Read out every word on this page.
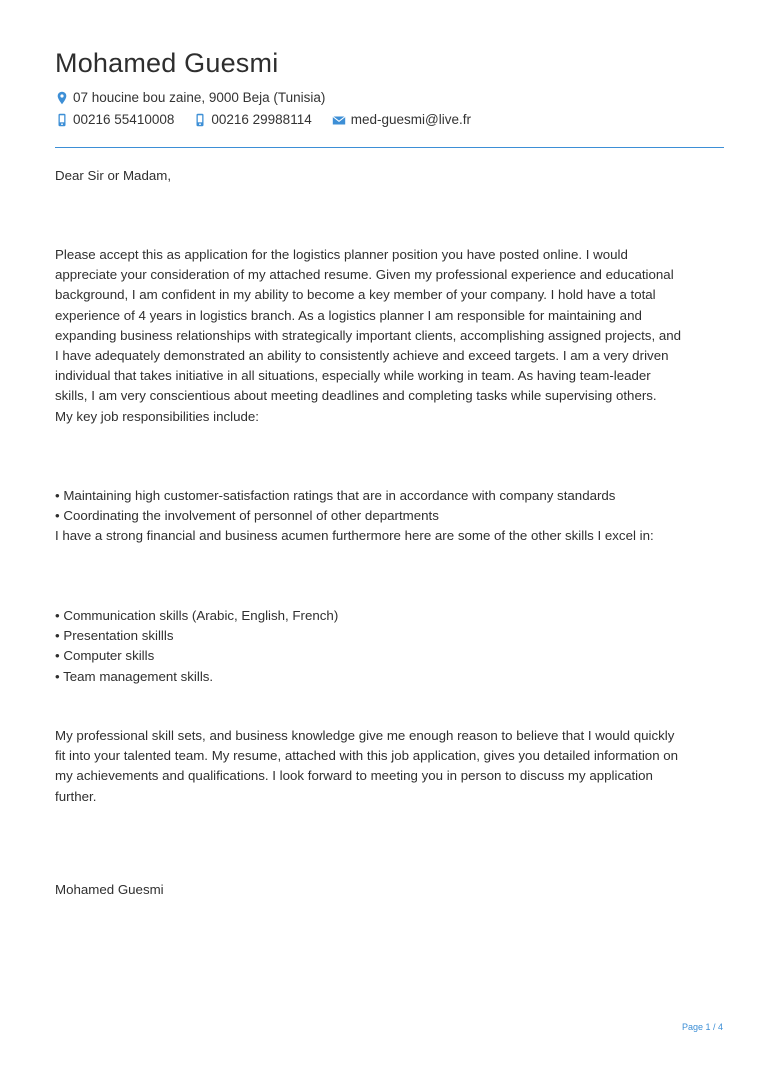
Mohamed Guesmi
07 houcine bou zaine, 9000 Beja (Tunisia)
00216 55410008	00216 29988114	med-guesmi@live.fr
Dear Sir or Madam,

Please accept this as application for the logistics planner position you have posted online. I would

appreciate your consideration of my attached resume. Given my professional experience and educational

background, I am confident in my ability to become a key member of your company. I hold have a total

experience of 4 years in logistics branch. As a logistics planner I am responsible for maintaining and

expanding business relationships with strategically important clients, accomplishing assigned projects, and

I have adequately demonstrated an ability to consistently achieve and exceed targets. I am a very driven

individual that takes initiative in all situations, especially while working in team. As having team-leader

skills, I am very conscientious about meeting deadlines and completing tasks while supervising others.

My key job responsibilities include:

• Maintaining high customer-satisfaction ratings that are in accordance with company standards

• Coordinating the involvement of personnel of other departments

I have a strong financial and business acumen furthermore here are some of the other skills I excel in:

• Communication skills (Arabic, English, French)

• Presentation skillls

• Computer skills

• Team management skills.

My professional skill sets, and business knowledge give me enough reason to believe that I would quickly

fit into your talented team. My resume, attached with this job application, gives you detailed information on

my achievements and qualifications. I look forward to meeting you in person to discuss my application

further.

Mohamed Guesmi
Page 1 / 4
